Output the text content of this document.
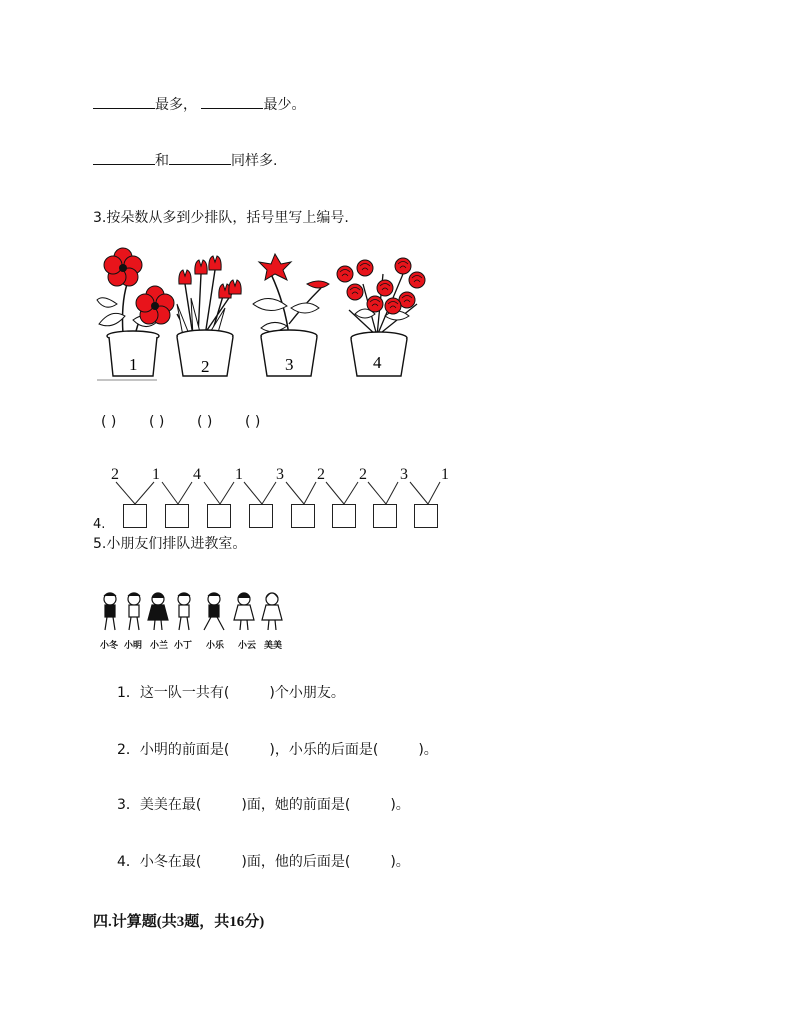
最多，	最少。
和	同样多.
3.按朵数从多到少排队，括号里写上编号.
1	2	3	4
( ) ( ) ( ) ( )
2 1 4 1 3 2 2 3 1
4.
5.小朋友们排队进教室。
小冬 小明 小兰 小丁 小乐 小云 美美
1．这一队一共有(	)个小朋友。
2．小明的前面是(	)，小乐的后面是(	)。
3．美美在最(	)面，她的前面是(	)。
4．小冬在最(	)面，他的后面是(	)。
四.计算题(共3题，共16分)
